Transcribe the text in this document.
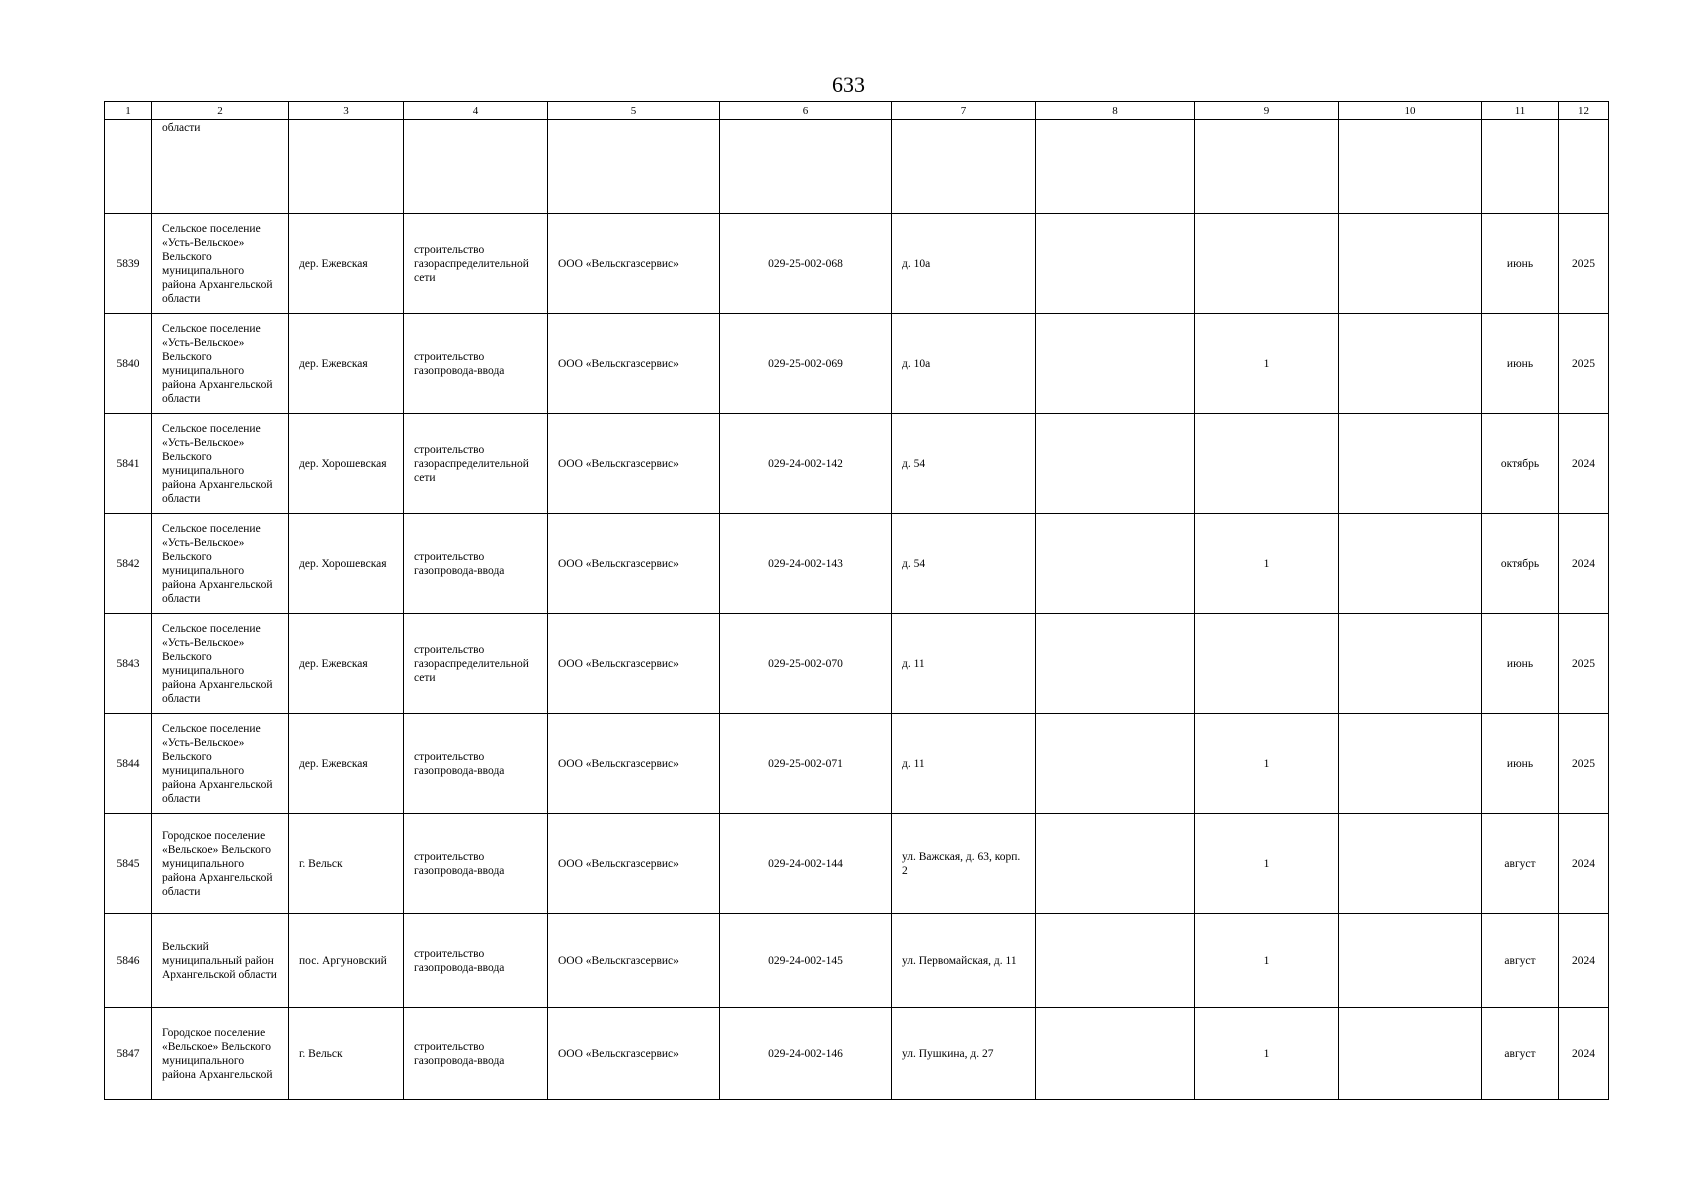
633
1	2	3	4	5	6	7	8	9	10	11	12
	области										
5839	Сельское поселение «Усть-Вельское» Вельского муниципального района Архангельской области	дер. Ежевская	строительство газораспределительной сети	ООО «Вельскгазсервис»	029-25-002-068	д. 10а				июнь	2025
5840	Сельское поселение «Усть-Вельское» Вельского муниципального района Архангельской области	дер. Ежевская	строительство газопровода-ввода	ООО «Вельскгазсервис»	029-25-002-069	д. 10а		1		июнь	2025
5841	Сельское поселение «Усть-Вельское» Вельского муниципального района Архангельской области	дер. Хорошевская	строительство газораспределительной сети	ООО «Вельскгазсервис»	029-24-002-142	д. 54				октябрь	2024
5842	Сельское поселение «Усть-Вельское» Вельского муниципального района Архангельской области	дер. Хорошевская	строительство газопровода-ввода	ООО «Вельскгазсервис»	029-24-002-143	д. 54		1		октябрь	2024
5843	Сельское поселение «Усть-Вельское» Вельского муниципального района Архангельской области	дер. Ежевская	строительство газораспределительной сети	ООО «Вельскгазсервис»	029-25-002-070	д. 11				июнь	2025
5844	Сельское поселение «Усть-Вельское» Вельского муниципального района Архангельской области	дер. Ежевская	строительство газопровода-ввода	ООО «Вельскгазсервис»	029-25-002-071	д. 11		1		июнь	2025
5845	Городское поселение «Вельское» Вельского муниципального района Архангельской области	г. Вельск	строительство газопровода-ввода	ООО «Вельскгазсервис»	029-24-002-144	ул. Важская, д. 63, корп. 2		1		август	2024
5846	Вельский муниципальный район Архангельской области	пос. Аргуновский	строительство газопровода-ввода	ООО «Вельскгазсервис»	029-24-002-145	ул. Первомайская, д. 11		1		август	2024
5847	Городское поселение «Вельское» Вельского муниципального района Архангельской	г. Вельск	строительство газопровода-ввода	ООО «Вельскгазсервис»	029-24-002-146	ул. Пушкина, д. 27		1		август	2024
